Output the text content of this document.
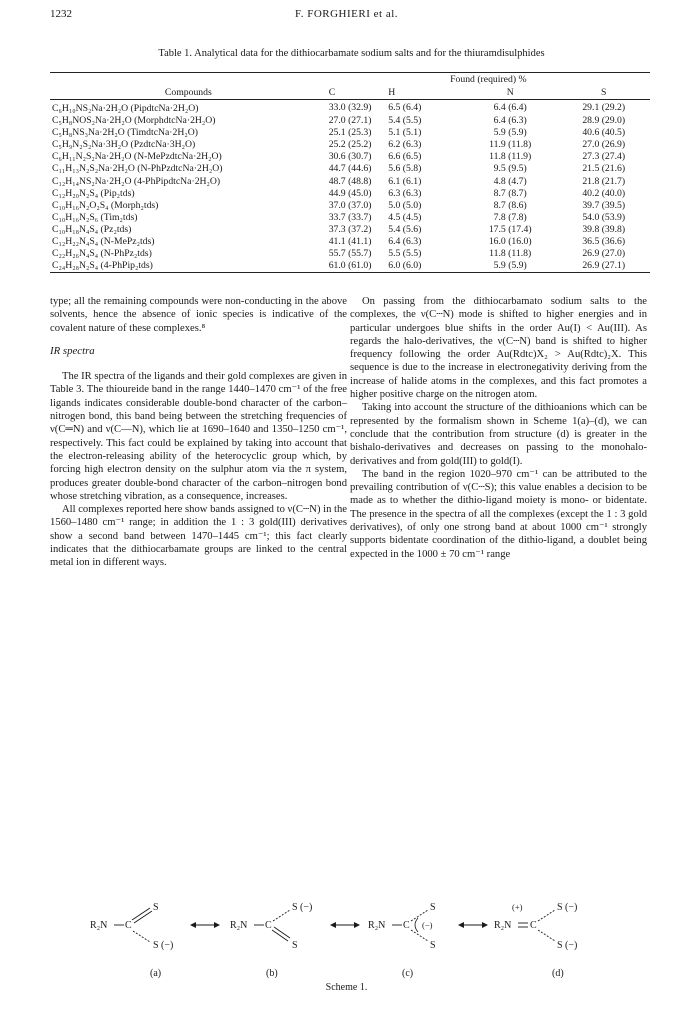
1232	F. FORGHIERI et al.
Table 1. Analytical data for the dithiocarbamate sodium salts and for the thiuramdisulphides
	Found (required) %			
Compounds	C	H	N	S
C₆H₁₀NS₂Na·2H₂O (PipdtcNa·2H₂O)	33.0 (32.9)	6.5 (6.4)	6.4 (6.4)	29.1 (29.2)
C₅H₈NOS₂Na·2H₂O (MorphdtcNa·2H₂O)	27.0 (27.1)	5.4 (5.5)	6.4 (6.3)	28.9 (29.0)
C₅H₈NS₃Na·2H₂O (TimdtcNa·2H₂O)	25.1 (25.3)	5.1 (5.1)	5.9 (5.9)	40.6 (40.5)
C₅H₉N₂S₂Na·3H₂O (PzdtcNa·3H₂O)	25.2 (25.2)	6.2 (6.3)	11.9 (11.8)	27.0 (26.9)
C₆H₁₁N₂S₂Na·2H₂O (N-MePzdtcNa·2H₂O)	30.6 (30.7)	6.6 (6.5)	11.8 (11.9)	27.3 (27.4)
C₁₁H₁₃N₂S₂Na·2H₂O (N-PhPzdtcNa·2H₂O)	44.7 (44.6)	5.6 (5.8)	9.5 (9.5)	21.5 (21.6)
C₁₂H₁₄NS₂Na·2H₂O (4-PhPipdtcNa·2H₂O)	48.7 (48.8)	6.1 (6.1)	4.8 (4.7)	21.8 (21.7)
C₁₂H₂₀N₂S₄ (Pip₂tds)	44.9 (45.0)	6.3 (6.3)	8.7 (8.7)	40.2 (40.0)
C₁₀H₁₆N₂O₂S₄ (Morph₂tds)	37.0 (37.0)	5.0 (5.0)	8.7 (8.6)	39.7 (39.5)
C₁₀H₁₆N₂S₆ (Tim₂tds)	33.7 (33.7)	4.5 (4.5)	7.8 (7.8)	54.0 (53.9)
C₁₀H₁₈N₄S₄ (Pz₂tds)	37.3 (37.2)	5.4 (5.6)	17.5 (17.4)	39.8 (39.8)
C₁₂H₂₂N₄S₄ (N-MePz₂tds)	41.1 (41.1)	6.4 (6.3)	16.0 (16.0)	36.5 (36.6)
C₂₂H₂₆N₄S₄ (N-PhPz₂tds)	55.7 (55.7)	5.5 (5.5)	11.8 (11.8)	26.9 (27.0)
C₂₄H₂₈N₂S₄ (4-PhPip₂tds)	61.0 (61.0)	6.0 (6.0)	5.9 (5.9)	26.9 (27.1)

type; all the remaining compounds were non-conducting in the above solvents, hence the absence of ionic species is indicative of the covalent nature of these complexes.⁸

IR spectra

The IR spectra of the ligands and their gold complexes are given in Table 3. The thioureide band in the range 1440–1470 cm⁻¹ of the free ligands indicates considerable double-bond character of the carbon–nitrogen bond, this band being between the stretching frequencies of ν(C═N) and ν(C—N), which lie at 1690–1640 and 1350–1250 cm⁻¹, respectively. This fact could be explained by taking into account that the electron-releasing ability of the heterocyclic group which, by forcing high electron density on the sulphur atom via the π system, produces greater double-bond character of the carbon–nitrogen bond whose stretching vibration, as a consequence, increases.

All complexes reported here show bands assigned to ν(C┄N) in the 1560–1480 cm⁻¹ range; in addition the 1 : 3 gold(III) derivatives show a second band between 1470–1445 cm⁻¹; this fact clearly indicates that the dithiocarbamate groups are linked to the central metal ion in different ways.

On passing from the dithiocarbamato sodium salts to the complexes, the ν(C┄N) mode is shifted to higher energies and in particular undergoes blue shifts in the order Au(I) < Au(III). As regards the halo-derivatives, the ν(C┄N) band is shifted to higher frequency following the order Au(Rdtc)X₂ > Au(Rdtc)₂X. This sequence is due to the increase in electronegativity deriving from the increase of halide atoms in the complexes, and this fact promotes a higher positive charge on the nitrogen atom.

Taking into account the structure of the dithioanions which can be represented by the formalism shown in Scheme 1(a)–(d), we can conclude that the contribution from structure (d) is greater in the bishalo-derivatives and decreases on passing to the monohalo-derivatives and from gold(III) to gold(I).

The band in the region 1020–970 cm⁻¹ can be attributed to the prevailing contribution of ν(C┄S); this value enables a decision to be made as to whether the dithio-ligand moiety is mono- or bidentate. The presence in the spectra of all the complexes (except the 1 : 3 gold derivatives), of only one strong band at about 1000 cm⁻¹ strongly supports bidentate coordination of the dithio-ligand, a doublet being expected in the 1000 ± 70 cm⁻¹ range

R₂N C
S
S (−)
(a)
R₂N C
S (−)
S
(b)
R₂N C
S
(−)
S
(c)
(+)
R₂N C
S (−)
S (−)
(d)
Scheme 1.
